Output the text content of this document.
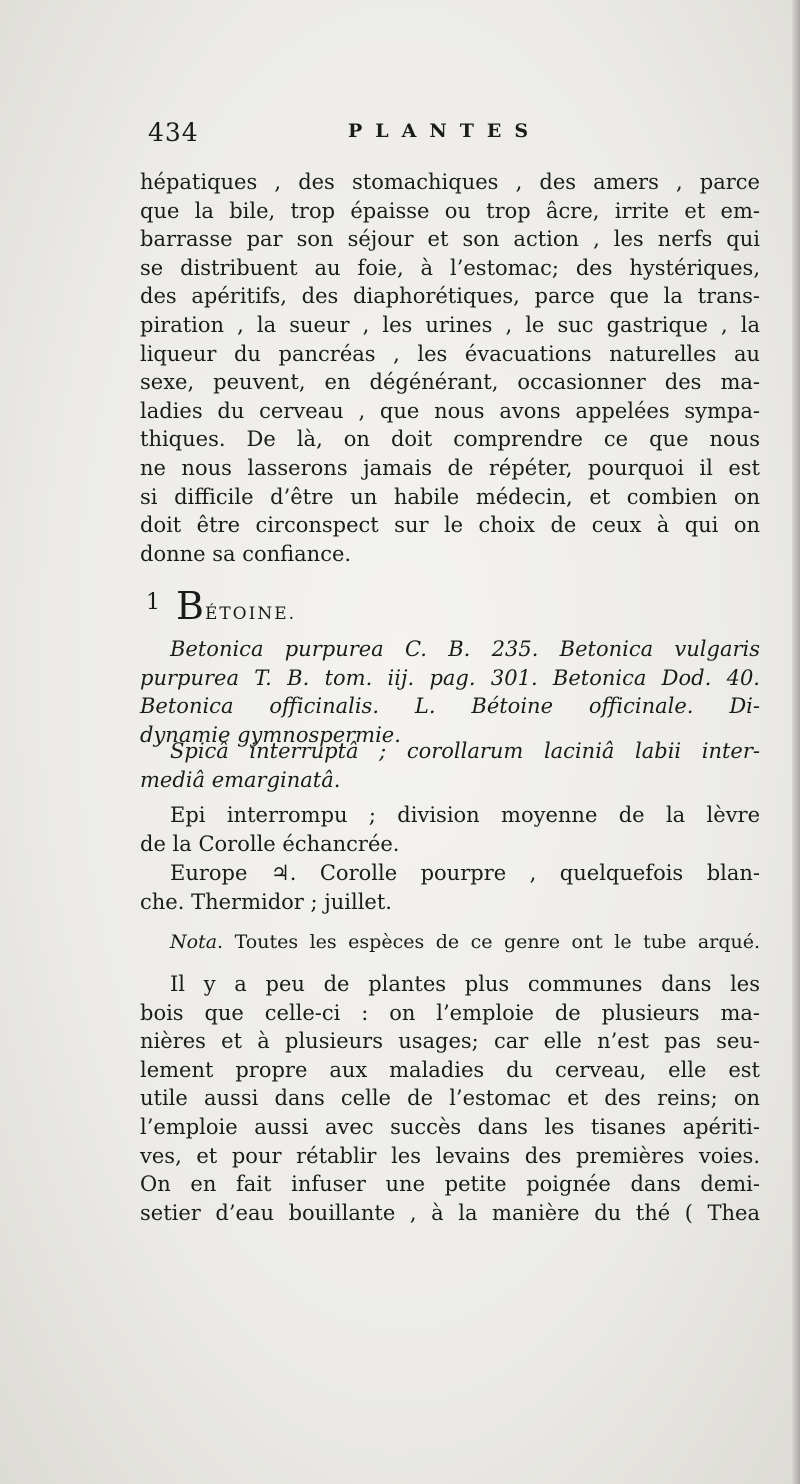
434	PLANTES
hépatiques , des stomachiques , des amers , parce
que la bile, trop épaisse ou trop âcre, irrite et em-
barrasse par son séjour et son action , les nerfs qui
se distribuent au foie, à l’estomac; des hystériques,
des apéritifs, des diaphorétiques, parce que la trans-
piration , la sueur , les urines , le suc gastrique , la
liqueur du pancréas , les évacuations naturelles au
sexe, peuvent, en dégénérant, occasionner des ma-
ladies du cerveau , que nous avons appelées sympa-
thiques. De là, on doit comprendre ce que nous
ne nous lasserons jamais de répéter, pourquoi il est
si difficile d’être un habile médecin, et combien on
doit être circonspect sur le choix de ceux à qui on
donne sa confiance.
1 BÉTOINE.
Betonica purpurea C. B. 235. Betonica vulgaris
purpurea T. B. tom. iij. pag. 301. Betonica Dod. 40.
Betonica officinalis. L. Bétoine officinale. Di-
dynamie gymnospermie.
Spicâ interruptâ ; corollarum laciniâ labii inter-
mediâ emarginatâ.
Epi interrompu ; division moyenne de la lèvre
de la Corolle échancrée.
Europe ♃. Corolle pourpre , quelquefois blan-
che. Thermidor ; juillet.
Nota. Toutes les espèces de ce genre ont le tube arqué.
Il y a peu de plantes plus communes dans les
bois que celle-ci : on l’emploie de plusieurs ma-
nières et à plusieurs usages; car elle n’est pas seu-
lement propre aux maladies du cerveau, elle est
utile aussi dans celle de l’estomac et des reins; on
l’emploie aussi avec succès dans les tisanes apériti-
ves, et pour rétablir les levains des premières voies.
On en fait infuser une petite poignée dans demi-
setier d’eau bouillante , à la manière du thé ( Thea
